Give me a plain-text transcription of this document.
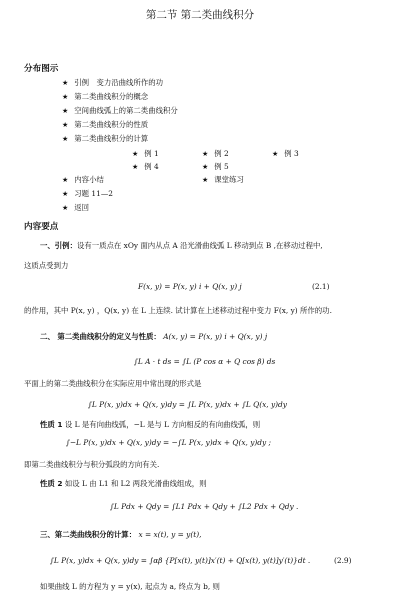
第二节 第二类曲线积分
分布图示
★ 引例　变力沿曲线所作的功
★ 第二类曲线积分的概念
★ 空间曲线弧上的第二类曲线积分
★ 第二类曲线积分的性质
★ 第二类曲线积分的计算
★ 例 1	★ 例 2	★ 例 3
★ 例 4	★ 例 5
★ 内容小结	★ 课堂练习
★ 习题 11—2
★ 返回
内容要点
一、引例：设有一质点在 xOy 面内从点 A 沿光滑曲线弧 L 移动到点 B ,在移动过程中,
这质点受到力
F(x, y) = P(x, y) i + Q(x, y) j	(2.1)
的作用，其中 P(x, y) ，Q(x, y) 在 L 上连续. 试计算在上述移动过程中变力 F(x, y) 所作的功.
二、 第二类曲线积分的定义与性质： A(x, y) = P(x, y) i + Q(x, y) j
∫L A · t ds = ∫L (P cos α + Q cos β) ds
平面上的第二类曲线积分在实际应用中常出现的形式是
∫L P(x, y)dx + Q(x, y)dy = ∫L P(x, y)dx + ∫L Q(x, y)dy
性质 1 设 L 是有向曲线弧，−L 是与 L 方向相反的有向曲线弧，则
∫−L P(x, y)dx + Q(x, y)dy = −∫L P(x, y)dx + Q(x, y)dy ;
即第二类曲线积分与积分弧段的方向有关.
性质 2 如设 L 由 L1 和 L2 两段光滑曲线组成，则
∫L Pdx + Qdy = ∫L1 Pdx + Qdy + ∫L2 Pdx + Qdy .
三、第二类曲线积分的计算： x = x(t), y = y(t),
∫L P(x, y)dx + Q(x, y)dy = ∫αβ {P[x(t), y(t)]x′(t) + Q[x(t), y(t)]y′(t)}dt .	(2.9)
如果曲线 L 的方程为 y = y(x), 起点为 a, 终点为 b, 则
